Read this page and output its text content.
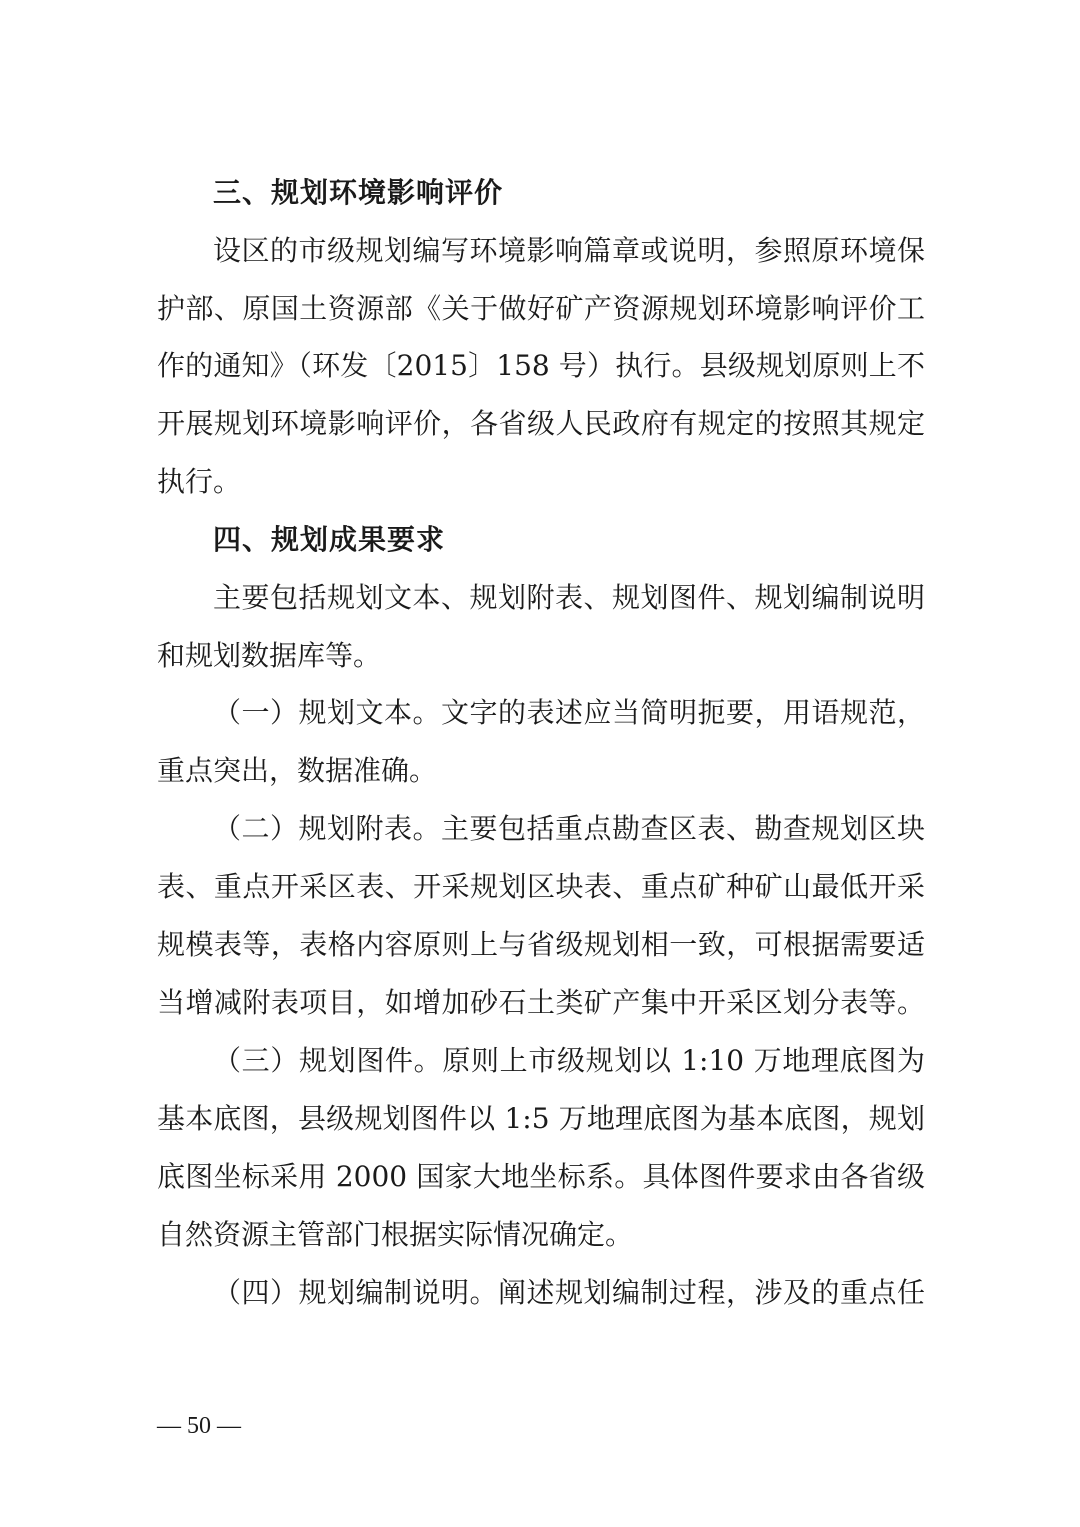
三、规划环境影响评价
设区的市级规划编写环境影响篇章或说明，参照原环境保
护部、原国土资源部《关于做好矿产资源规划环境影响评价工
作的通知》（环发〔2015〕158 号）执行。县级规划原则上不
开展规划环境影响评价，各省级人民政府有规定的按照其规定
执行。
四、规划成果要求
主要包括规划文本、规划附表、规划图件、规划编制说明
和规划数据库等。
（一）规划文本。文字的表述应当简明扼要，用语规范，
重点突出，数据准确。
（二）规划附表。主要包括重点勘查区表、勘查规划区块
表、重点开采区表、开采规划区块表、重点矿种矿山最低开采
规模表等，表格内容原则上与省级规划相一致，可根据需要适
当增减附表项目，如增加砂石土类矿产集中开采区划分表等。
（三）规划图件。原则上市级规划以 1:10 万地理底图为
基本底图，县级规划图件以 1:5 万地理底图为基本底图，规划
底图坐标采用 2000 国家大地坐标系。具体图件要求由各省级
自然资源主管部门根据实际情况确定。
（四）规划编制说明。阐述规划编制过程，涉及的重点任
— 50 —
